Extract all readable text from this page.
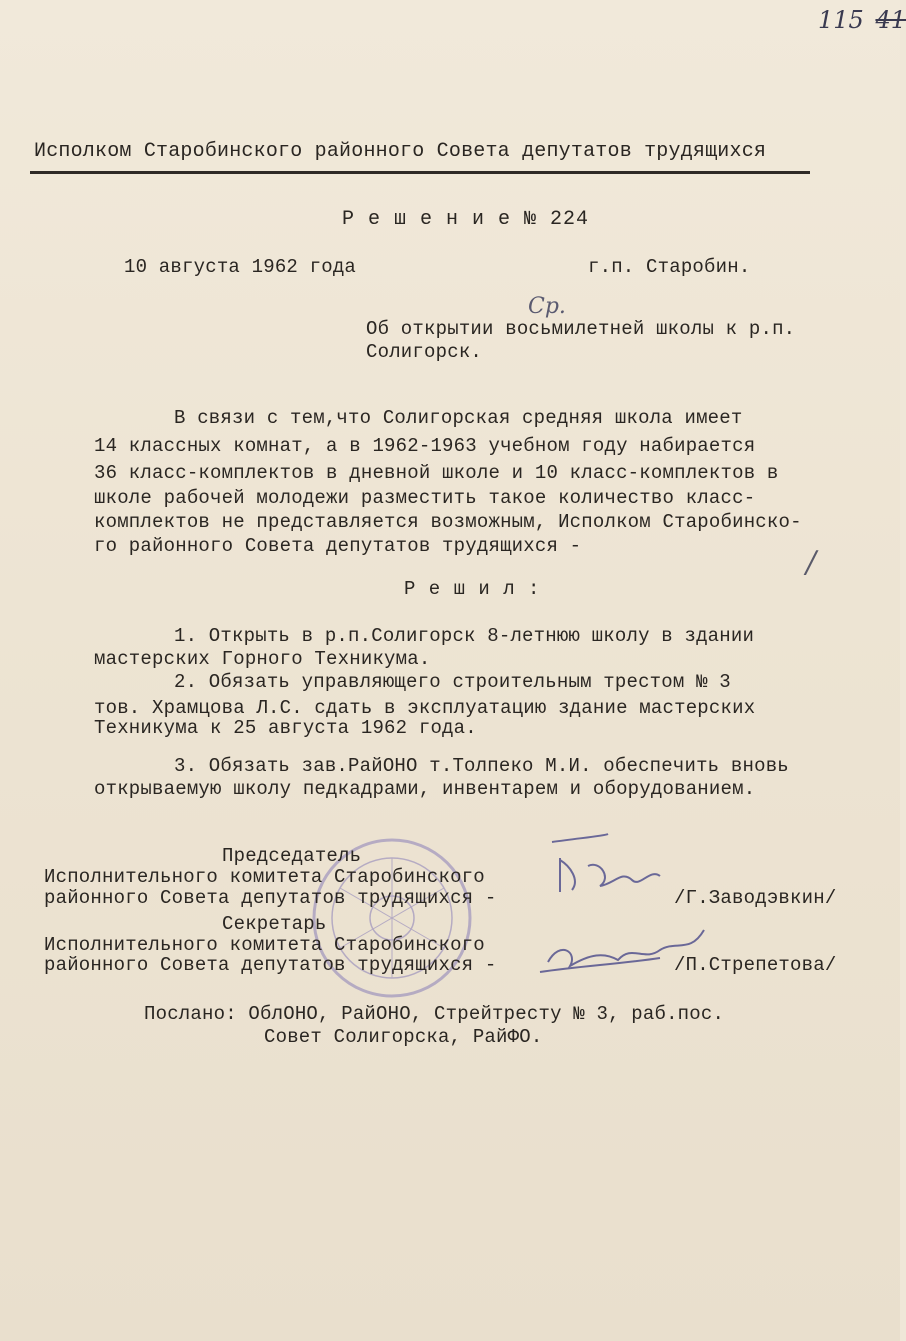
115 41
Исполком Старобинского районного Совета депутатов трудящихся
Р е ш е н и е № 224
10 августа 1962 года	г.п. Старобин.
Ср.
Об открытии восьмилетней школы к р.п.
Солигорск.
В связи с тем,что Солигорская средняя школа имеет
14 классных комнат, а в 1962-1963 учебном году набирается
36 класс-комплектов в дневной школе и 10 класс-комплектов в
школе рабочей молодежи разместить такое количество класс-
комплектов не представляется возможным, Исполком Старобинско-
го районного Совета депутатов трудящихся -
Р е ш и л :
1. Открыть в р.п.Солигорск 8-летнюю школу в здании
мастерских Горного Техникума.
2. Обязать управляющего строительным трестом № 3
тов. Храмцова Л.С. сдать в эксплуатацию здание мастерских
Техникума к 25 августа 1962 года.
3. Обязать зав.РайОНО т.Толпеко М.И. обеспечить вновь
открываемую школу педкадрами, инвентарем и оборудованием.
Председатель
Исполнительного комитета Старобинского
районного Совета депутатов трудящихся -	/Г.Заводэвкин/
Секретарь
Исполнительного комитета Старобинского
районного Совета депутатов трудящихся -	/П.Стрепетова/
Послано: ОблОНО, РайОНО, Стрейтресту № 3, раб.пос.
Совет Солигорска, РайФО.
/
